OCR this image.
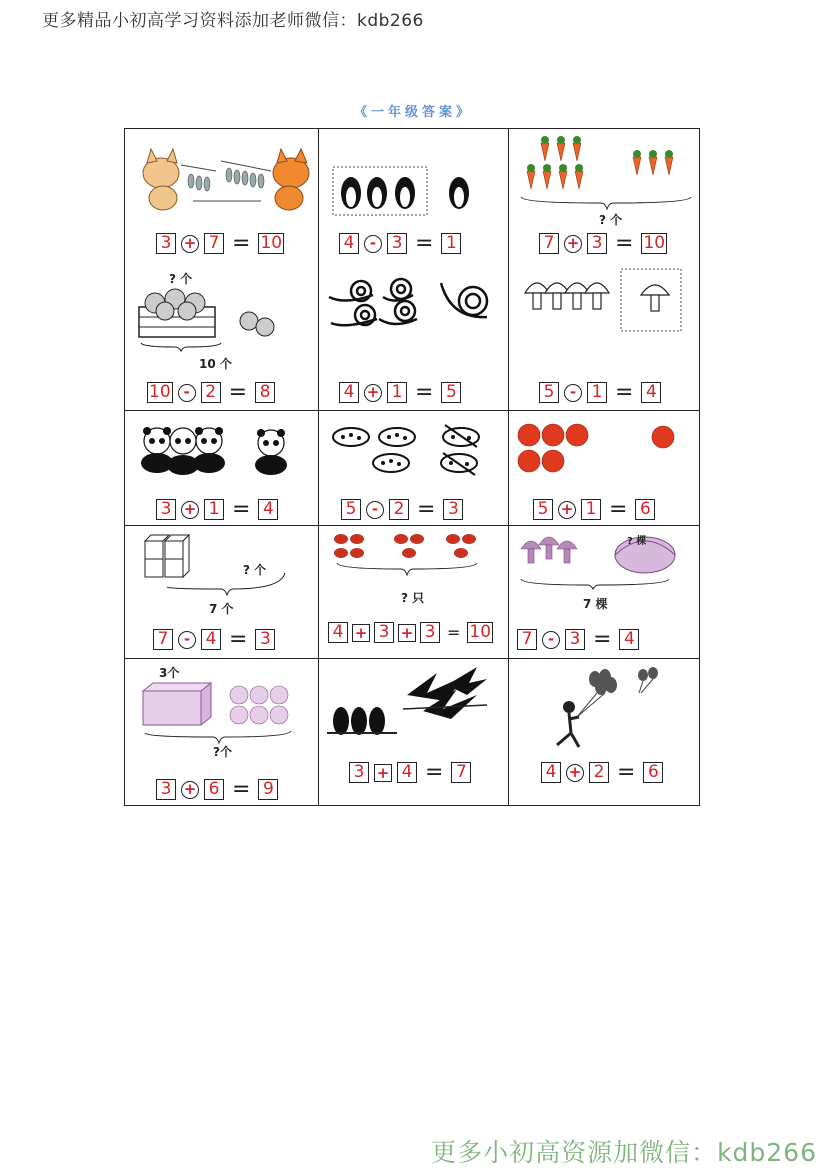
更多精品小初高学习资料添加老师微信：kdb266
《一年级答案》
3 + 7 = 10	4	- 3 = 1
? 个
7 + 3 = 10
? 个
10 个
10 - 2 = 8	4 + 1 = 5	5	- 1 = 4
3 + 1 = 4	5	- 2 = 3	5 + 1 = 6
? 个
7 个
7	- 4 = 3
? 只
4 + 3 + 3 = 10
? 棵
7 棵
7	- 3 = 4
3个
?个
3 + 6 = 9
3 + 4 = 7	4 + 2 = 6
更多小初高资源加微信：kdb266
